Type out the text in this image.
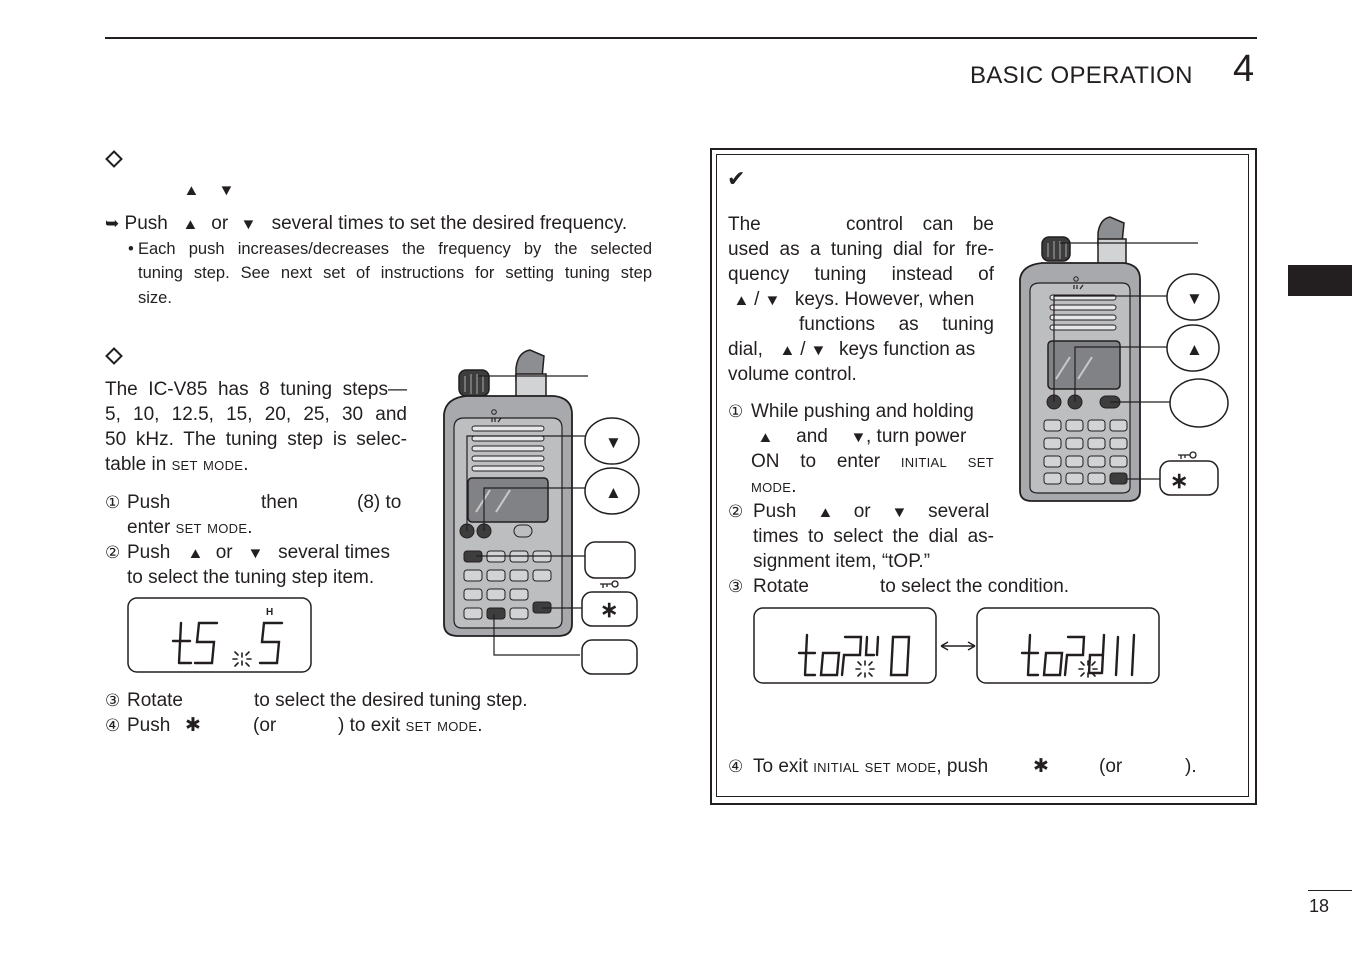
BASIC OPERATION 4
18
▲ ▼
➥ Push ▲ or ▼ several times to set the desired frequency.
• Each push increases/decreases the frequency by the selected
tuning step. See next set of instructions for setting tuning step
size.
The IC-V85 has 8 tuning steps—
5, 10, 12.5, 15, 20, 25, 30 and
50 kHz. The tuning step is selec-
table in set mode.
① Push	then	(8) to
enter set mode.
② Push ▲ or ▼ several times
to select the tuning step item.
H
③ Rotate	to select the desired tuning step.
④ Push ✱	(or	) to exit set mode.
▼
▲
∗
✔
The	control can be
used as a tuning dial for fre-
quency tuning instead of
▲ / ▼ keys. However, when
functions as tuning
dial, ▲ / ▼ keys function as
volume control.
① While pushing and holding
▲ and ▼, turn power
ON to enter initial set
mode.
② Push ▲ or ▼ several
times to select the dial as-
signment item, “tOP.”
③ Rotate	to select the condition.
④ To exit initial set mode, push ✱	(or	).
▼
▲
∗
